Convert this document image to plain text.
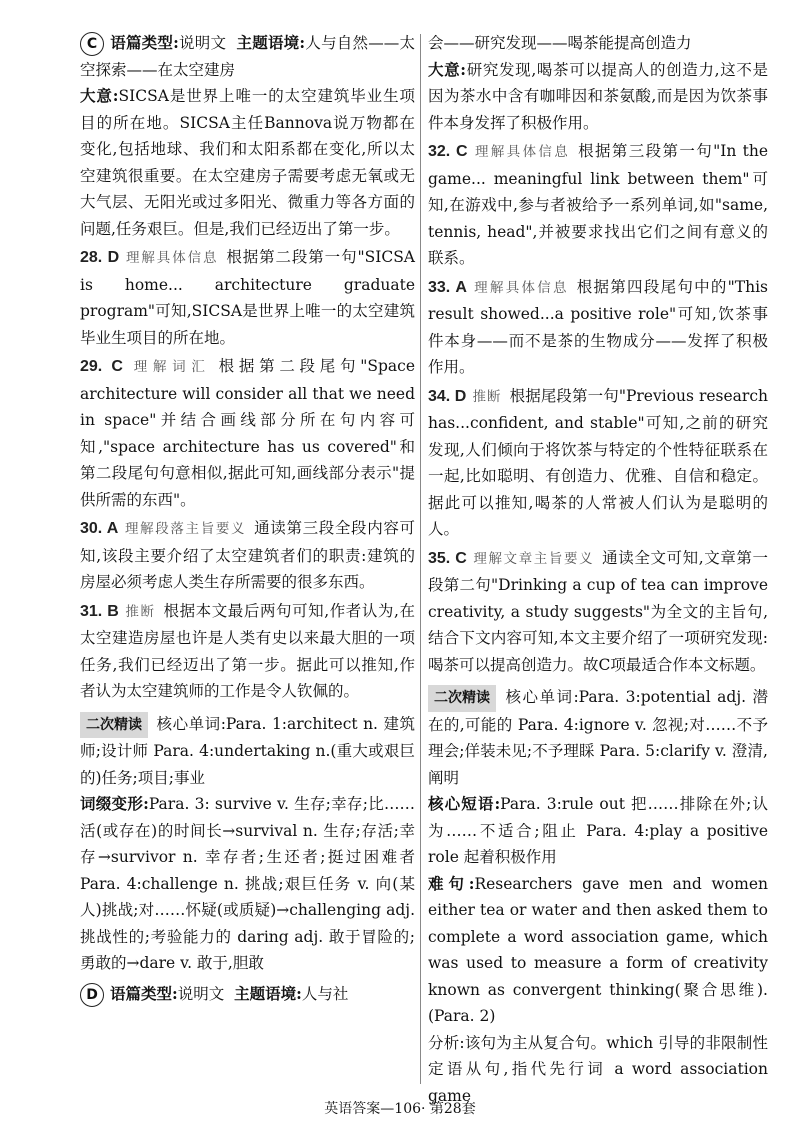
C 语篇类型:说明文 主题语境:人与自然——太空探索——在太空建房

大意:SICSA是世界上唯一的太空建筑毕业生项目的所在地。SICSA主任Bannova说万物都在变化,包括地球、我们和太阳系都在变化,所以太空建筑很重要。在太空建房子需要考虑无氧或无大气层、无阳光或过多阳光、微重力等各方面的问题,任务艰巨。但是,我们已经迈出了第一步。

28. D 理解具体信息 根据第二段第一句"SICSA is home... architecture graduate program"可知,SICSA是世界上唯一的太空建筑毕业生项目的所在地。

29. C 理解词汇 根据第二段尾句"Space architecture will consider all that we need in space"并结合画线部分所在句内容可知,"space architecture has us covered"和第二段尾句句意相似,据此可知,画线部分表示"提供所需的东西"。

30. A 理解段落主旨要义 通读第三段全段内容可知,该段主要介绍了太空建筑者们的职责:建筑的房屋必须考虑人类生存所需要的很多东西。

31. B 推断 根据本文最后两句可知,作者认为,在太空建造房屋也许是人类有史以来最大胆的一项任务,我们已经迈出了第一步。据此可以推知,作者认为太空建筑师的工作是令人钦佩的。

二次精读 核心单词:Para. 1:architect n. 建筑师;设计师 Para. 4:undertaking n.(重大或艰巨的)任务;项目;事业

词缀变形:Para. 3: survive v. 生存;幸存;比……活(或存在)的时间长→survival n. 生存;存活;幸存→survivor n. 幸存者;生还者;挺过困难者 Para. 4:challenge n. 挑战;艰巨任务 v. 向(某人)挑战;对……怀疑(或质疑)→challenging adj. 挑战性的;考验能力的 daring adj. 敢于冒险的;勇敢的→dare v. 敢于,胆敢

D 语篇类型:说明文 主题语境:人与社

会——研究发现——喝茶能提高创造力

大意:研究发现,喝茶可以提高人的创造力,这不是因为茶水中含有咖啡因和茶氨酸,而是因为饮茶事件本身发挥了积极作用。

32. C 理解具体信息 根据第三段第一句"In the game... meaningful link between them"可知,在游戏中,参与者被给予一系列单词,如"same, tennis, head",并被要求找出它们之间有意义的联系。

33. A 理解具体信息 根据第四段尾句中的"This result showed...a positive role"可知,饮茶事件本身——而不是茶的生物成分——发挥了积极作用。

34. D 推断 根据尾段第一句"Previous research has...confident, and stable"可知,之前的研究发现,人们倾向于将饮茶与特定的个性特征联系在一起,比如聪明、有创造力、优雅、自信和稳定。据此可以推知,喝茶的人常被人们认为是聪明的人。

35. C 理解文章主旨要义 通读全文可知,文章第一段第二句"Drinking a cup of tea can improve creativity, a study suggests"为全文的主旨句,结合下文内容可知,本文主要介绍了一项研究发现:喝茶可以提高创造力。故C项最适合作本文标题。

二次精读 核心单词:Para. 3:potential adj. 潜在的,可能的 Para. 4:ignore v. 忽视;对……不予理会;佯装未见;不予理睬 Para. 5:clarify v. 澄清,阐明

核心短语:Para. 3:rule out 把……排除在外;认为……不适合;阻止 Para. 4:play a positive role 起着积极作用

难句:Researchers gave men and women either tea or water and then asked them to complete a word association game, which was used to measure a form of creativity known as convergent thinking(聚合思维). (Para. 2)

分析:该句为主从复合句。which 引导的非限制性定语从句,指代先行词 a word association game

英语答案—106· 第28套
